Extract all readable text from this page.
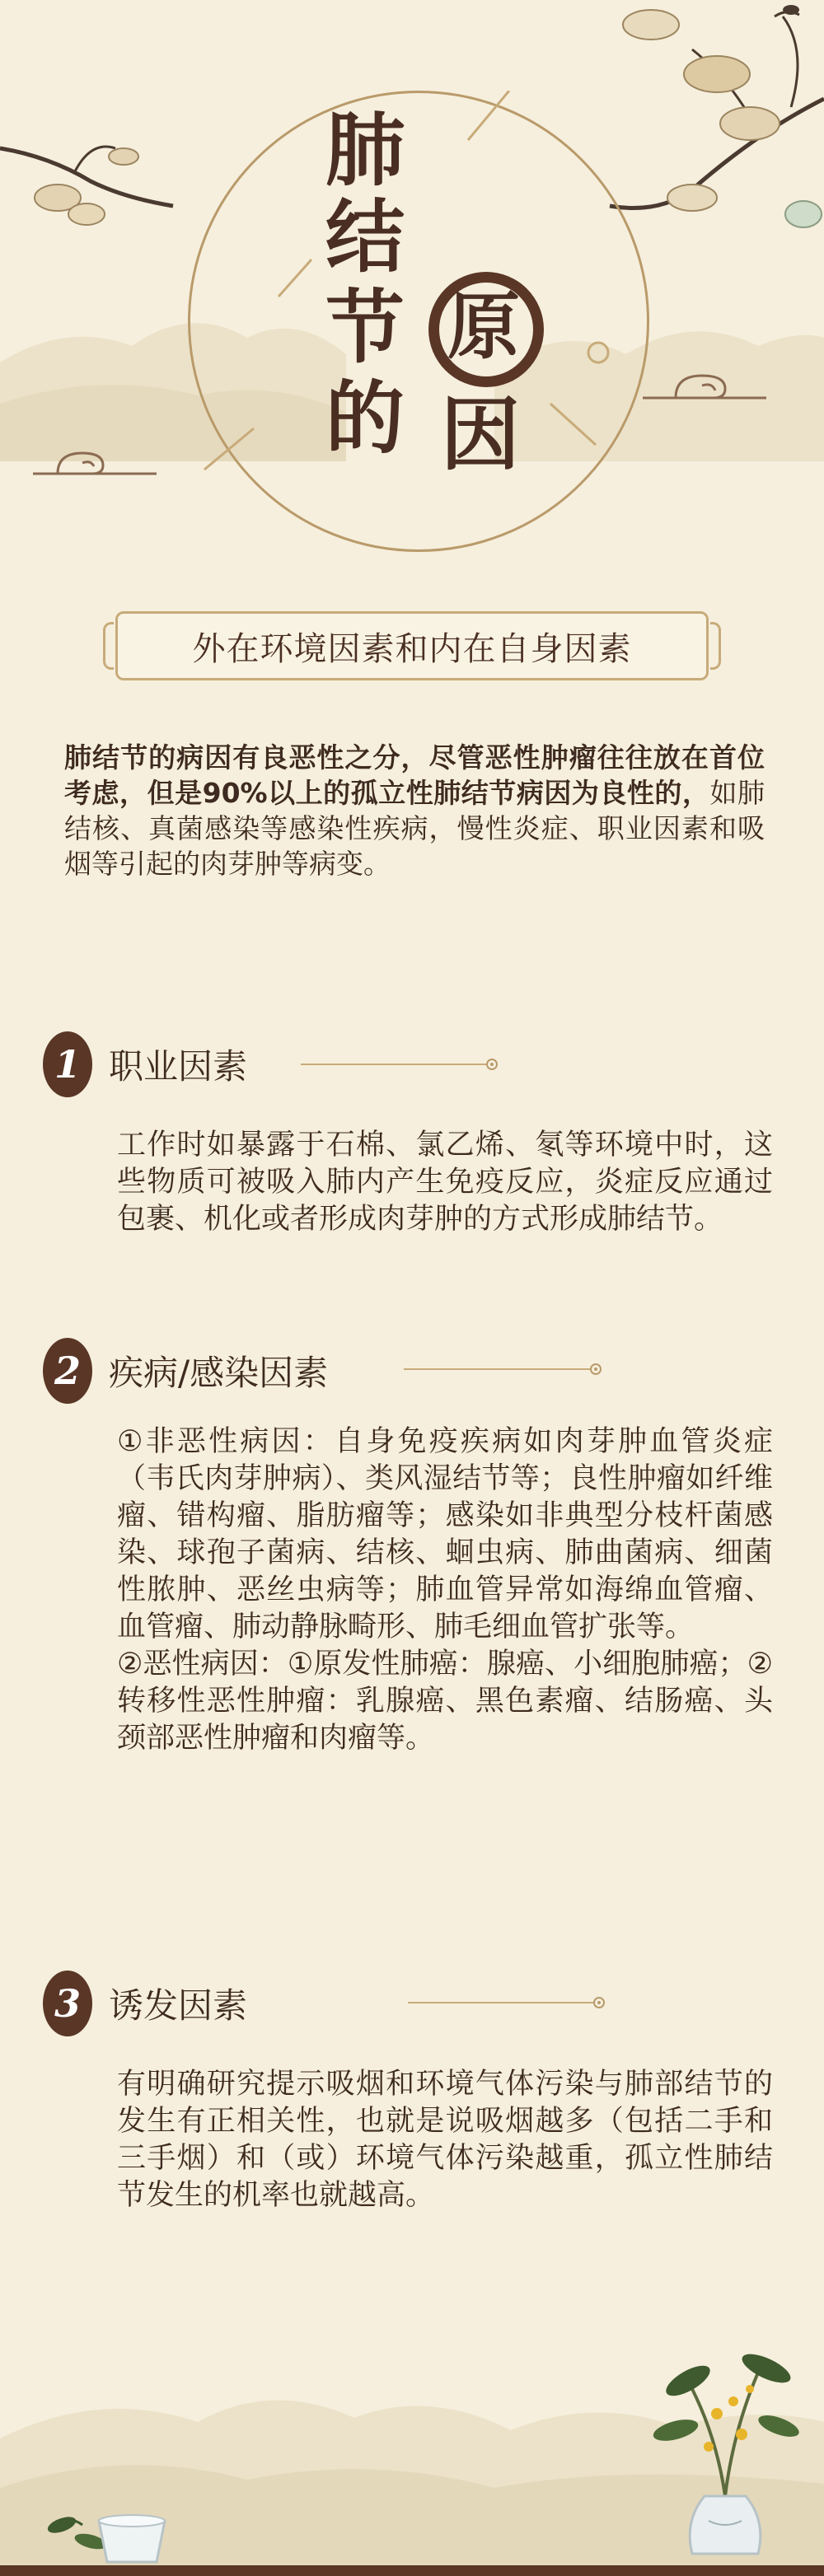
肺
结
节
的
原
因
外在环境因素和内在自身因素
肺结节的病因有良恶性之分，尽管恶性肿瘤往往放在首位考虑，但是90%以上的孤立性肺结节病因为良性的，如肺结核、真菌感染等感染性疾病，慢性炎症、职业因素和吸烟等引起的肉芽肿等病变。
1 职业因素

工作时如暴露于石棉、氯乙烯、氡等环境中时，这些物质可被吸入肺内产生免疫反应，炎症反应通过包裹、机化或者形成肉芽肿的方式形成肺结节。

2 疾病/感染因素

①非恶性病因：自身免疫疾病如肉芽肿血管炎症（韦氏肉芽肿病）、类风湿结节等；良性肿瘤如纤维瘤、错构瘤、脂肪瘤等；感染如非典型分枝杆菌感染、球孢子菌病、结核、蛔虫病、肺曲菌病、细菌性脓肿、恶丝虫病等；肺血管异常如海绵血管瘤、血管瘤、肺动静脉畸形、肺毛细血管扩张等。

②恶性病因：①原发性肺癌：腺癌、小细胞肺癌；②转移性恶性肿瘤：乳腺癌、黑色素瘤、结肠癌、头颈部恶性肿瘤和肉瘤等。

3 诱发因素

有明确研究提示吸烟和环境气体污染与肺部结节的发生有正相关性，也就是说吸烟越多（包括二手和三手烟）和（或）环境气体污染越重，孤立性肺结节发生的机率也就越高。
